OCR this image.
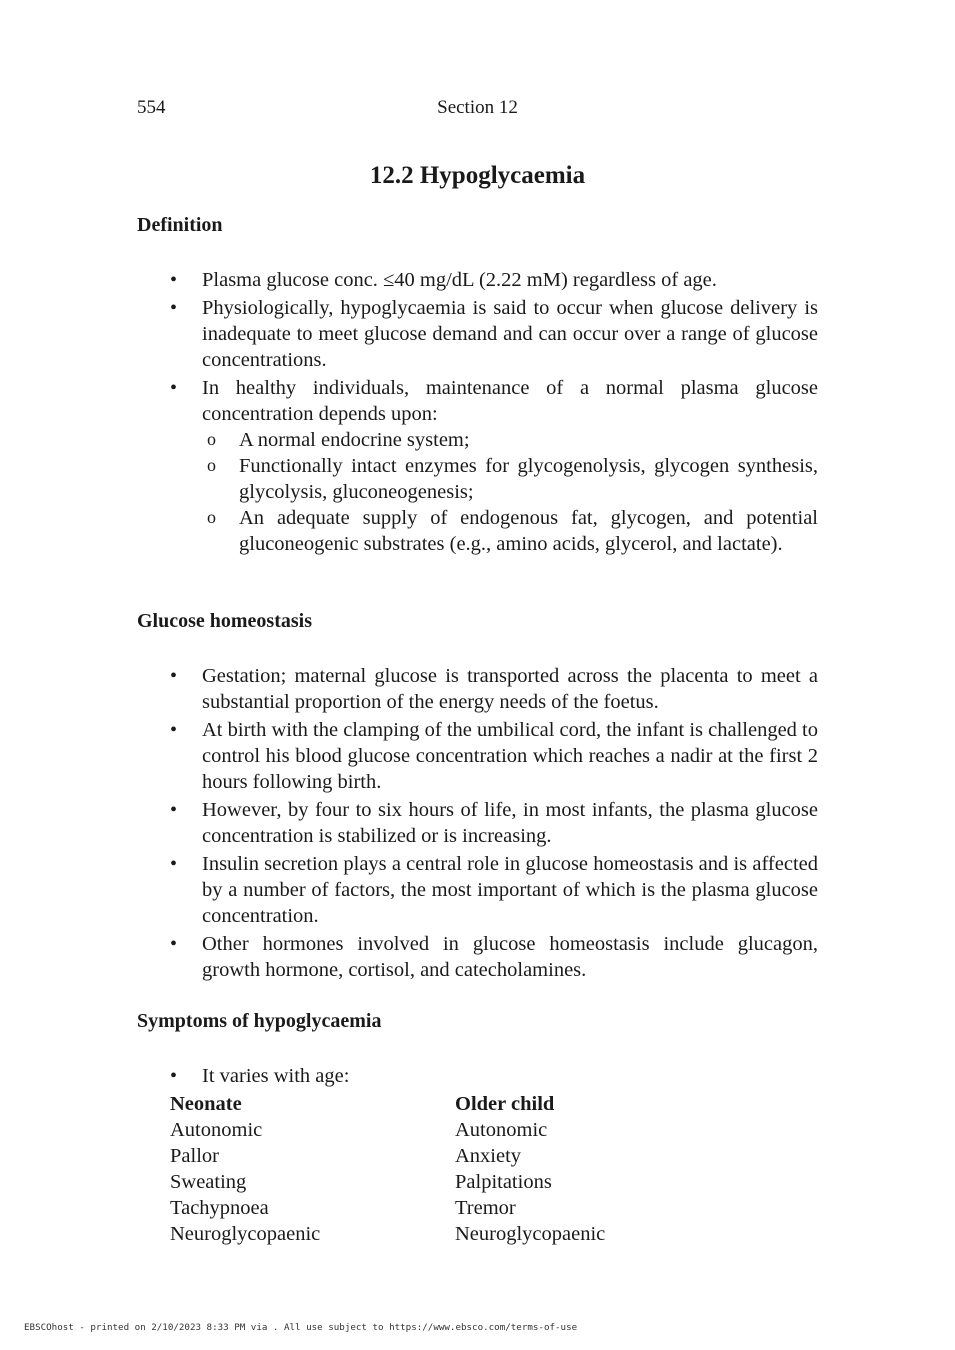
554	Section 12
12.2 Hypoglycaemia
Definition
• Plasma glucose conc. ≤40 mg/dL (2.22 mM) regardless of age.
• Physiologically, hypoglycaemia is said to occur when glucose delivery is inadequate to meet glucose demand and can occur over a range of glucose concentrations.
• In healthy individuals, maintenance of a normal plasma glucose concentration depends upon:
o A normal endocrine system;
o Functionally intact enzymes for glycogenolysis, glycogen synthesis, glycolysis, gluconeogenesis;
o An adequate supply of endogenous fat, glycogen, and potential gluconeogenic substrates (e.g., amino acids, glycerol, and lactate).
Glucose homeostasis
• Gestation; maternal glucose is transported across the placenta to meet a substantial proportion of the energy needs of the foetus.
• At birth with the clamping of the umbilical cord, the infant is challenged to control his blood glucose concentration which reaches a nadir at the first 2 hours following birth.
• However, by four to six hours of life, in most infants, the plasma glucose concentration is stabilized or is increasing.
• Insulin secretion plays a central role in glucose homeostasis and is affected by a number of factors, the most important of which is the plasma glucose concentration.
• Other hormones involved in glucose homeostasis include glucagon, growth hormone, cortisol, and catecholamines.
Symptoms of hypoglycaemia
• It varies with age:
Neonate
Autonomic
Pallor
Sweating
Tachypnoea
Neuroglycopaenic
Older child
Autonomic
Anxiety
Palpitations
Tremor
Neuroglycopaenic
EBSCOhost - printed on 2/10/2023 8:33 PM via . All use subject to https://www.ebsco.com/terms-of-use
